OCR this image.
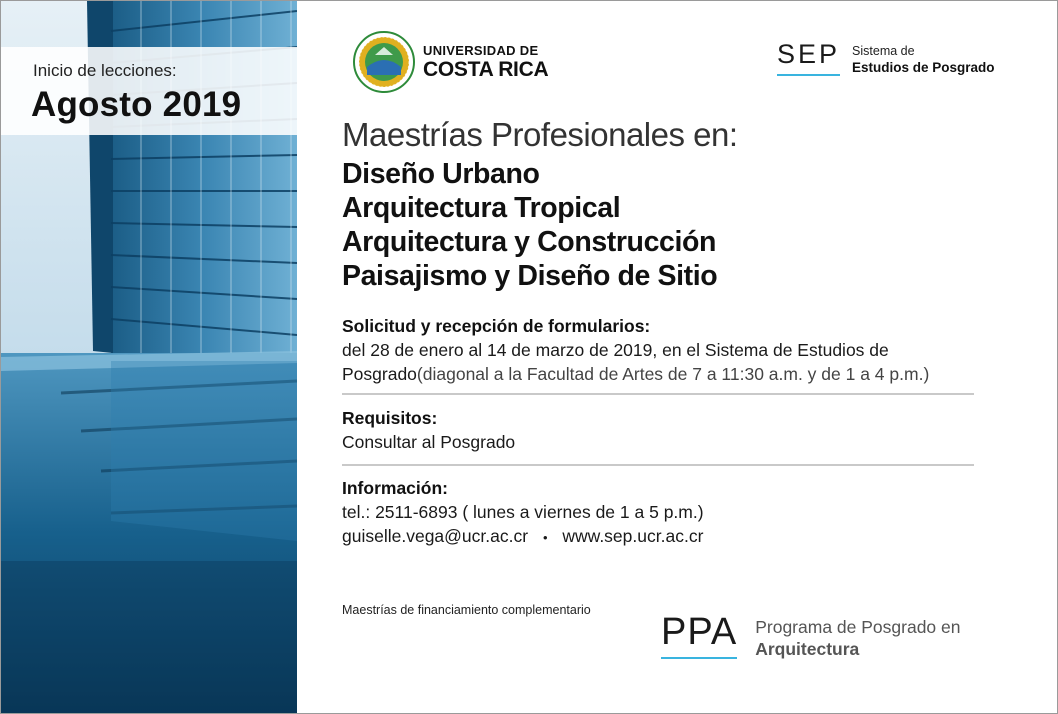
Inicio de lecciones:
Agosto 2019
UNIVERSIDAD DE
COSTA RICA
SEP Sistema de
Estudios de Posgrado
Maestrías Profesionales en:
Diseño Urbano
Arquitectura Tropical
Arquitectura y Construcción
Paisajismo y Diseño de Sitio
Solicitud y recepción de formularios:
del 28 de enero al 14 de marzo de 2019, en el Sistema de Estudios de
Posgrado(diagonal a la Facultad de Artes de 7 a 11:30 a.m. y de 1 a 4 p.m.)
Requisitos:
Consultar al Posgrado
Información:
tel.: 2511-6893 ( lunes a viernes de 1 a 5 p.m.)
guiselle.vega@ucr.ac.cr • www.sep.ucr.ac.cr
Maestrías de financiamiento complementario
PPA Programa de Posgrado en
Arquitectura
